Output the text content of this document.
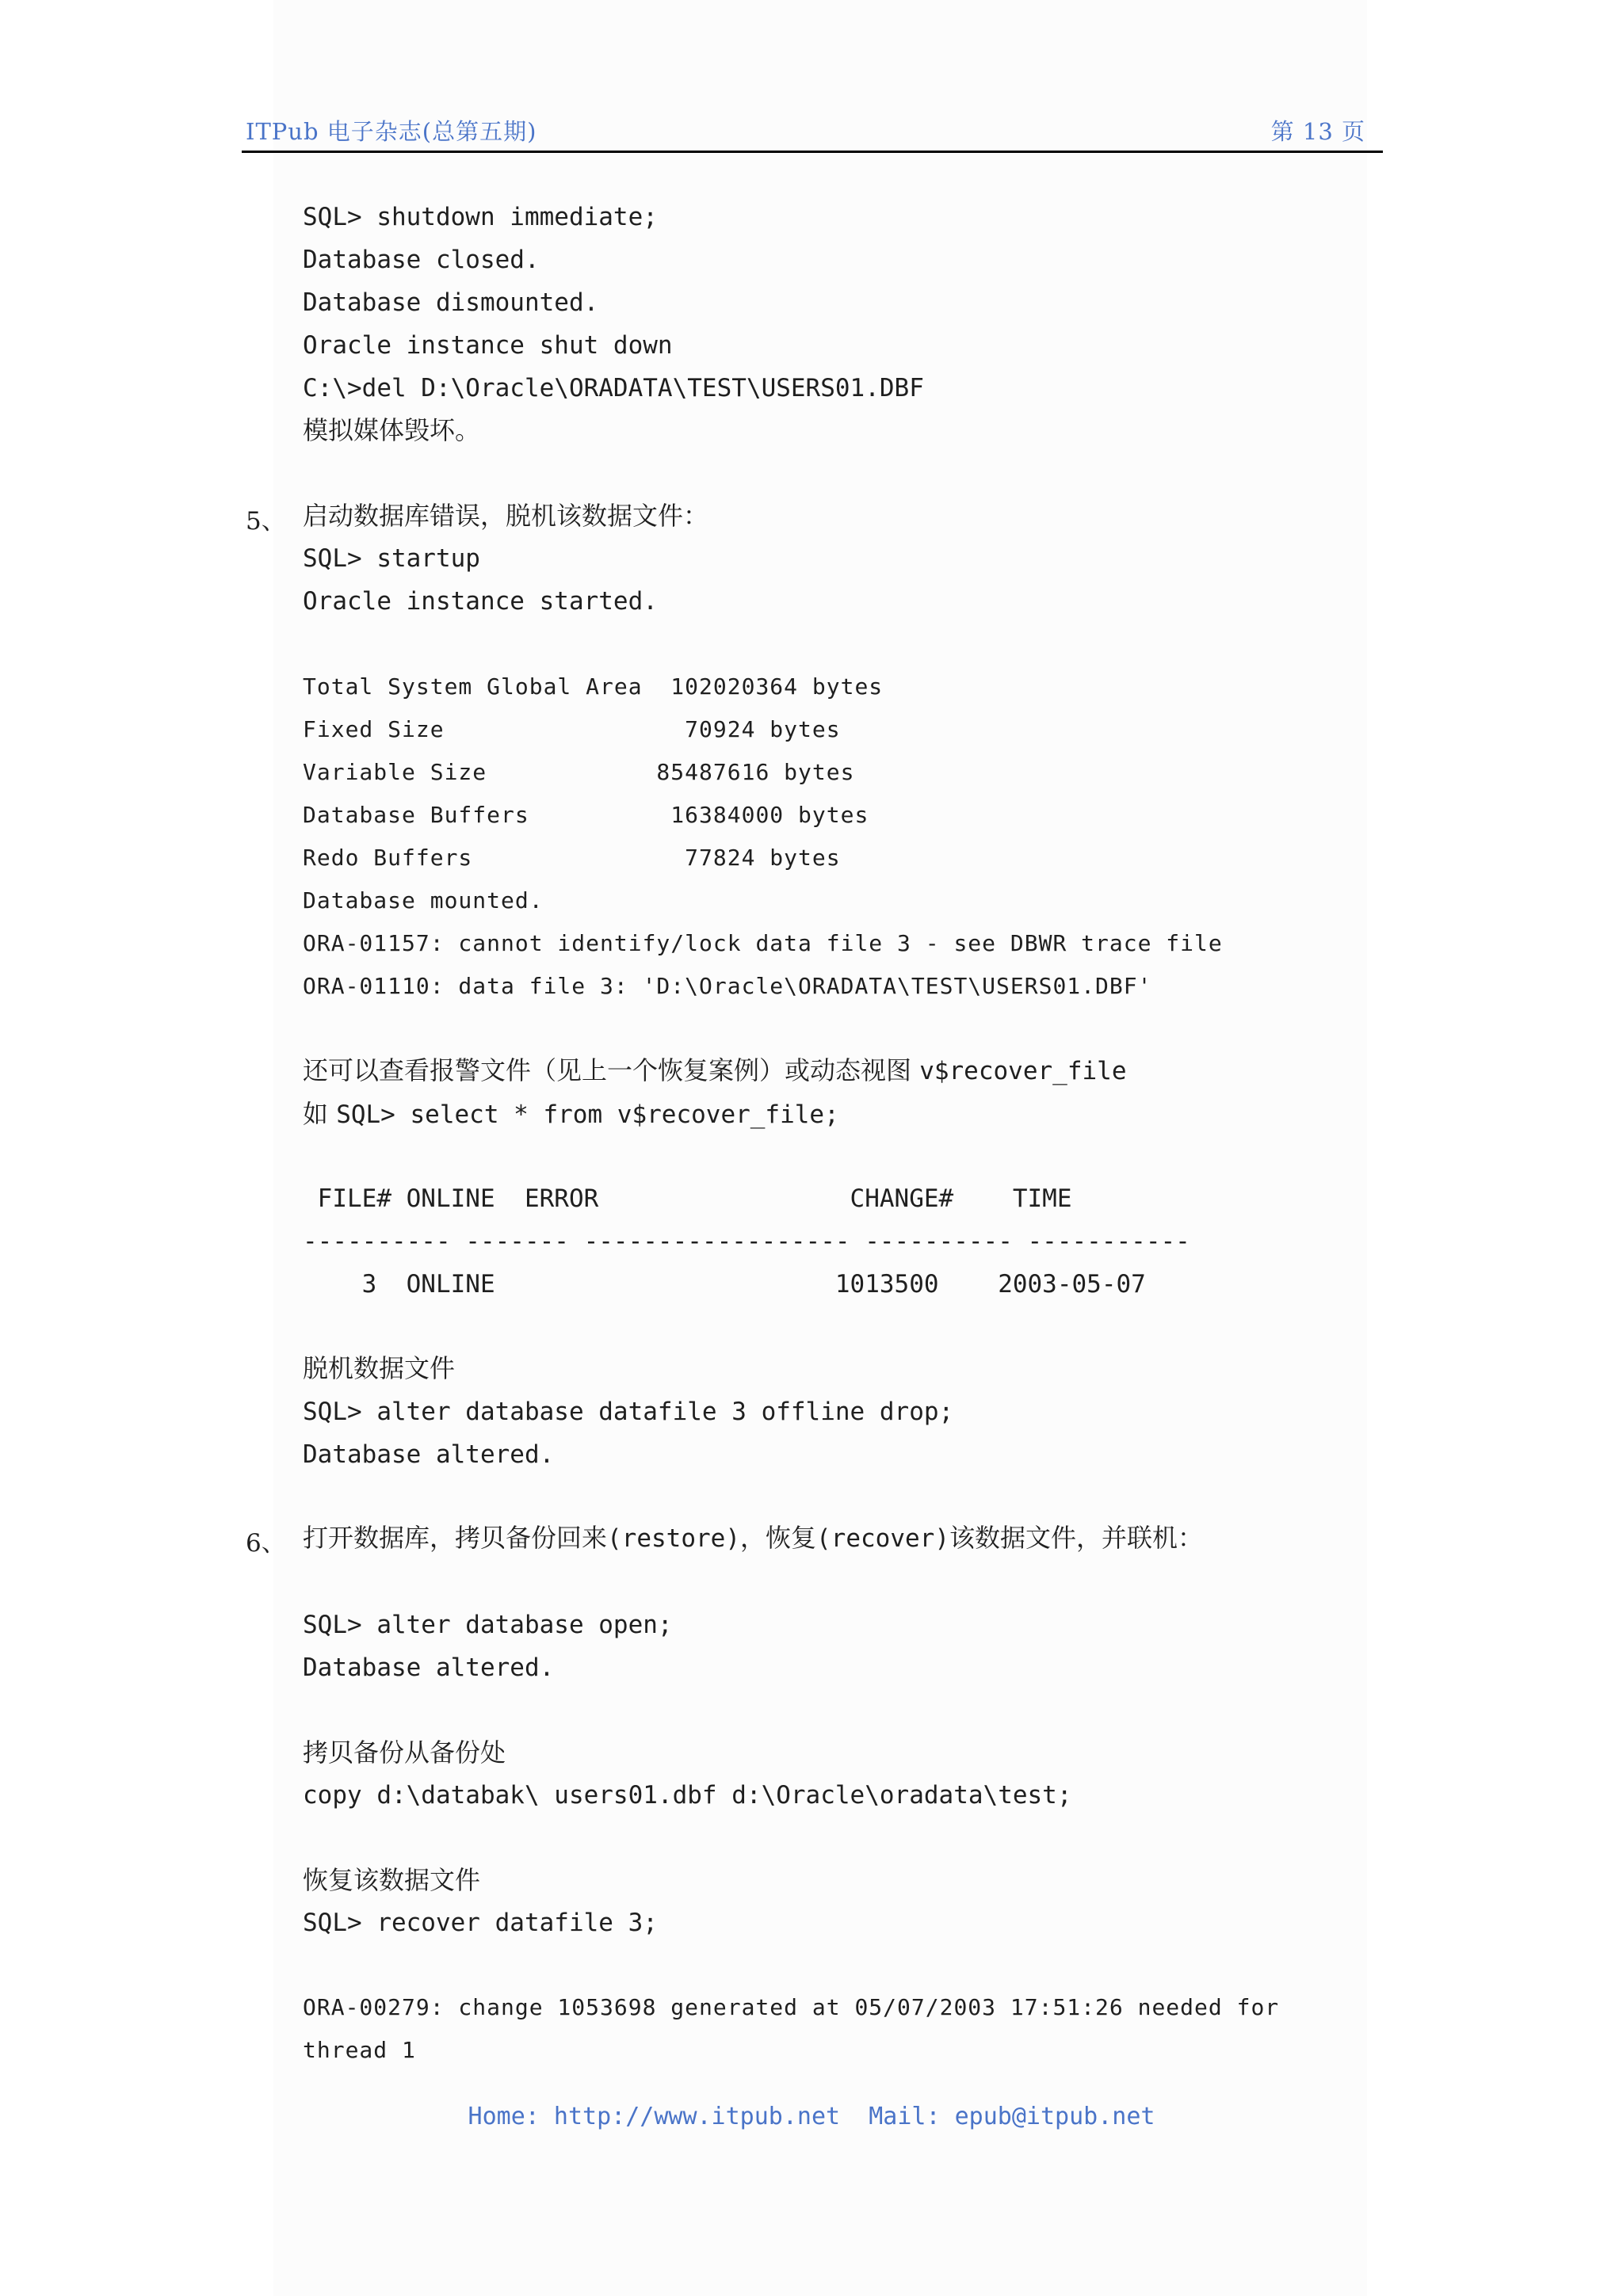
ITPub 电子杂志(总第五期)	第 13 页
SQL> shutdown immediate;
Database closed.
Database dismounted.
Oracle instance shut down
C:\>del D:\Oracle\ORADATA\TEST\USERS01.DBF
模拟媒体毁坏。
5、 启动数据库错误，脱机该数据文件：
SQL> startup
Oracle instance started.
Total System Global Area  102020364 bytes
Fixed Size                 70924 bytes
Variable Size            85487616 bytes
Database Buffers          16384000 bytes
Redo Buffers               77824 bytes
Database mounted.
ORA-01157: cannot identify/lock data file 3 - see DBWR trace file
ORA-01110: data file 3: 'D:\Oracle\ORADATA\TEST\USERS01.DBF'
还可以查看报警文件（见上一个恢复案例）或动态视图 v$recover_file
如 SQL> select * from v$recover_file;
FILE# ONLINE  ERROR                 CHANGE#    TIME
---------- ------- ------------------ ---------- -----------
3  ONLINE                       1013500    2003-05-07
脱机数据文件
SQL> alter database datafile 3 offline drop;
Database altered.
6、 打开数据库，拷贝备份回来(restore)，恢复(recover)该数据文件，并联机：
SQL> alter database open;
Database altered.
拷贝备份从备份处
copy d:\databak\ users01.dbf d:\Oracle\oradata\test;
恢复该数据文件
SQL> recover datafile 3;
ORA-00279: change 1053698 generated at 05/07/2003 17:51:26 needed for
thread 1
Home: http://www.itpub.net  Mail: epub@itpub.net
